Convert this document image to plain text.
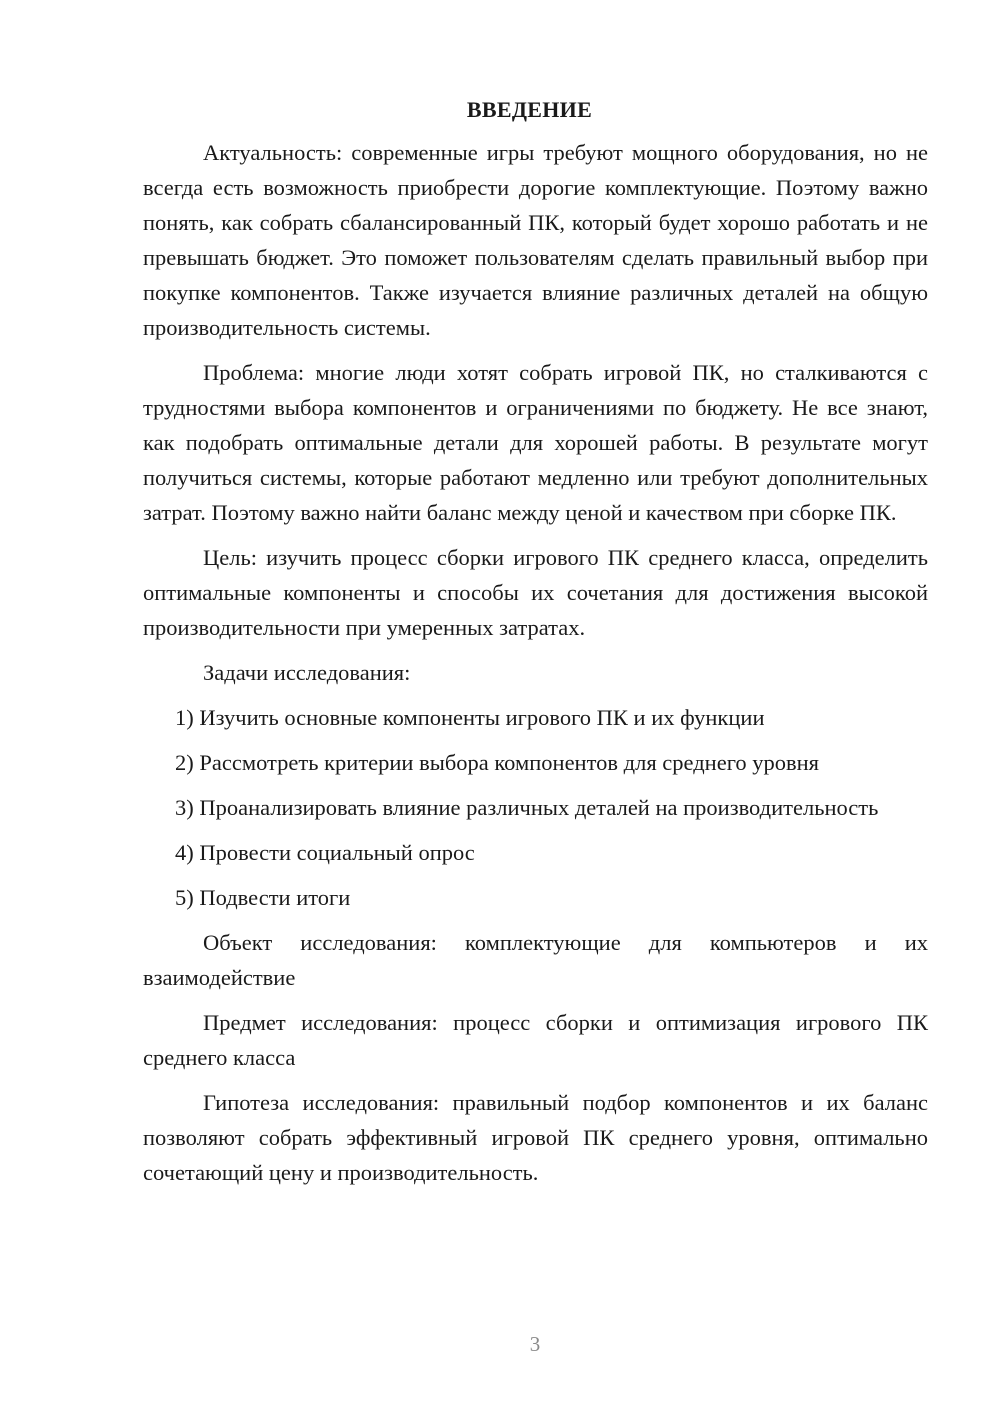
ВВЕДЕНИЕ

Актуальность: современные игры требуют мощного оборудования, но не всегда есть возможность приобрести дорогие комплектующие. Поэтому важно понять, как собрать сбалансированный ПК, который будет хорошо работать и не превышать бюджет. Это поможет пользователям сделать правильный выбор при покупке компонентов. Также изучается влияние различных деталей на общую производительность системы.

Проблема: многие люди хотят собрать игровой ПК, но сталкиваются с трудностями выбора компонентов и ограничениями по бюджету. Не все знают, как подобрать оптимальные детали для хорошей работы. В результате могут получиться системы, которые работают медленно или требуют дополнительных затрат. Поэтому важно найти баланс между ценой и качеством при сборке ПК.

Цель: изучить процесс сборки игрового ПК среднего класса, определить оптимальные компоненты и способы их сочетания для достижения высокой производительности при умеренных затратах.

Задачи исследования:

1) Изучить основные компоненты игрового ПК и их функции

2) Рассмотреть критерии выбора компонентов для среднего уровня

3) Проанализировать влияние различных деталей на производительность

4) Провести социальный опрос

5) Подвести итоги

Объект исследования: комплектующие для компьютеров и их взаимодействие

Предмет исследования: процесс сборки и оптимизация игрового ПК среднего класса

Гипотеза исследования: правильный подбор компонентов и их баланс позволяют собрать эффективный игровой ПК среднего уровня, оптимально сочетающий цену и производительность.

3
